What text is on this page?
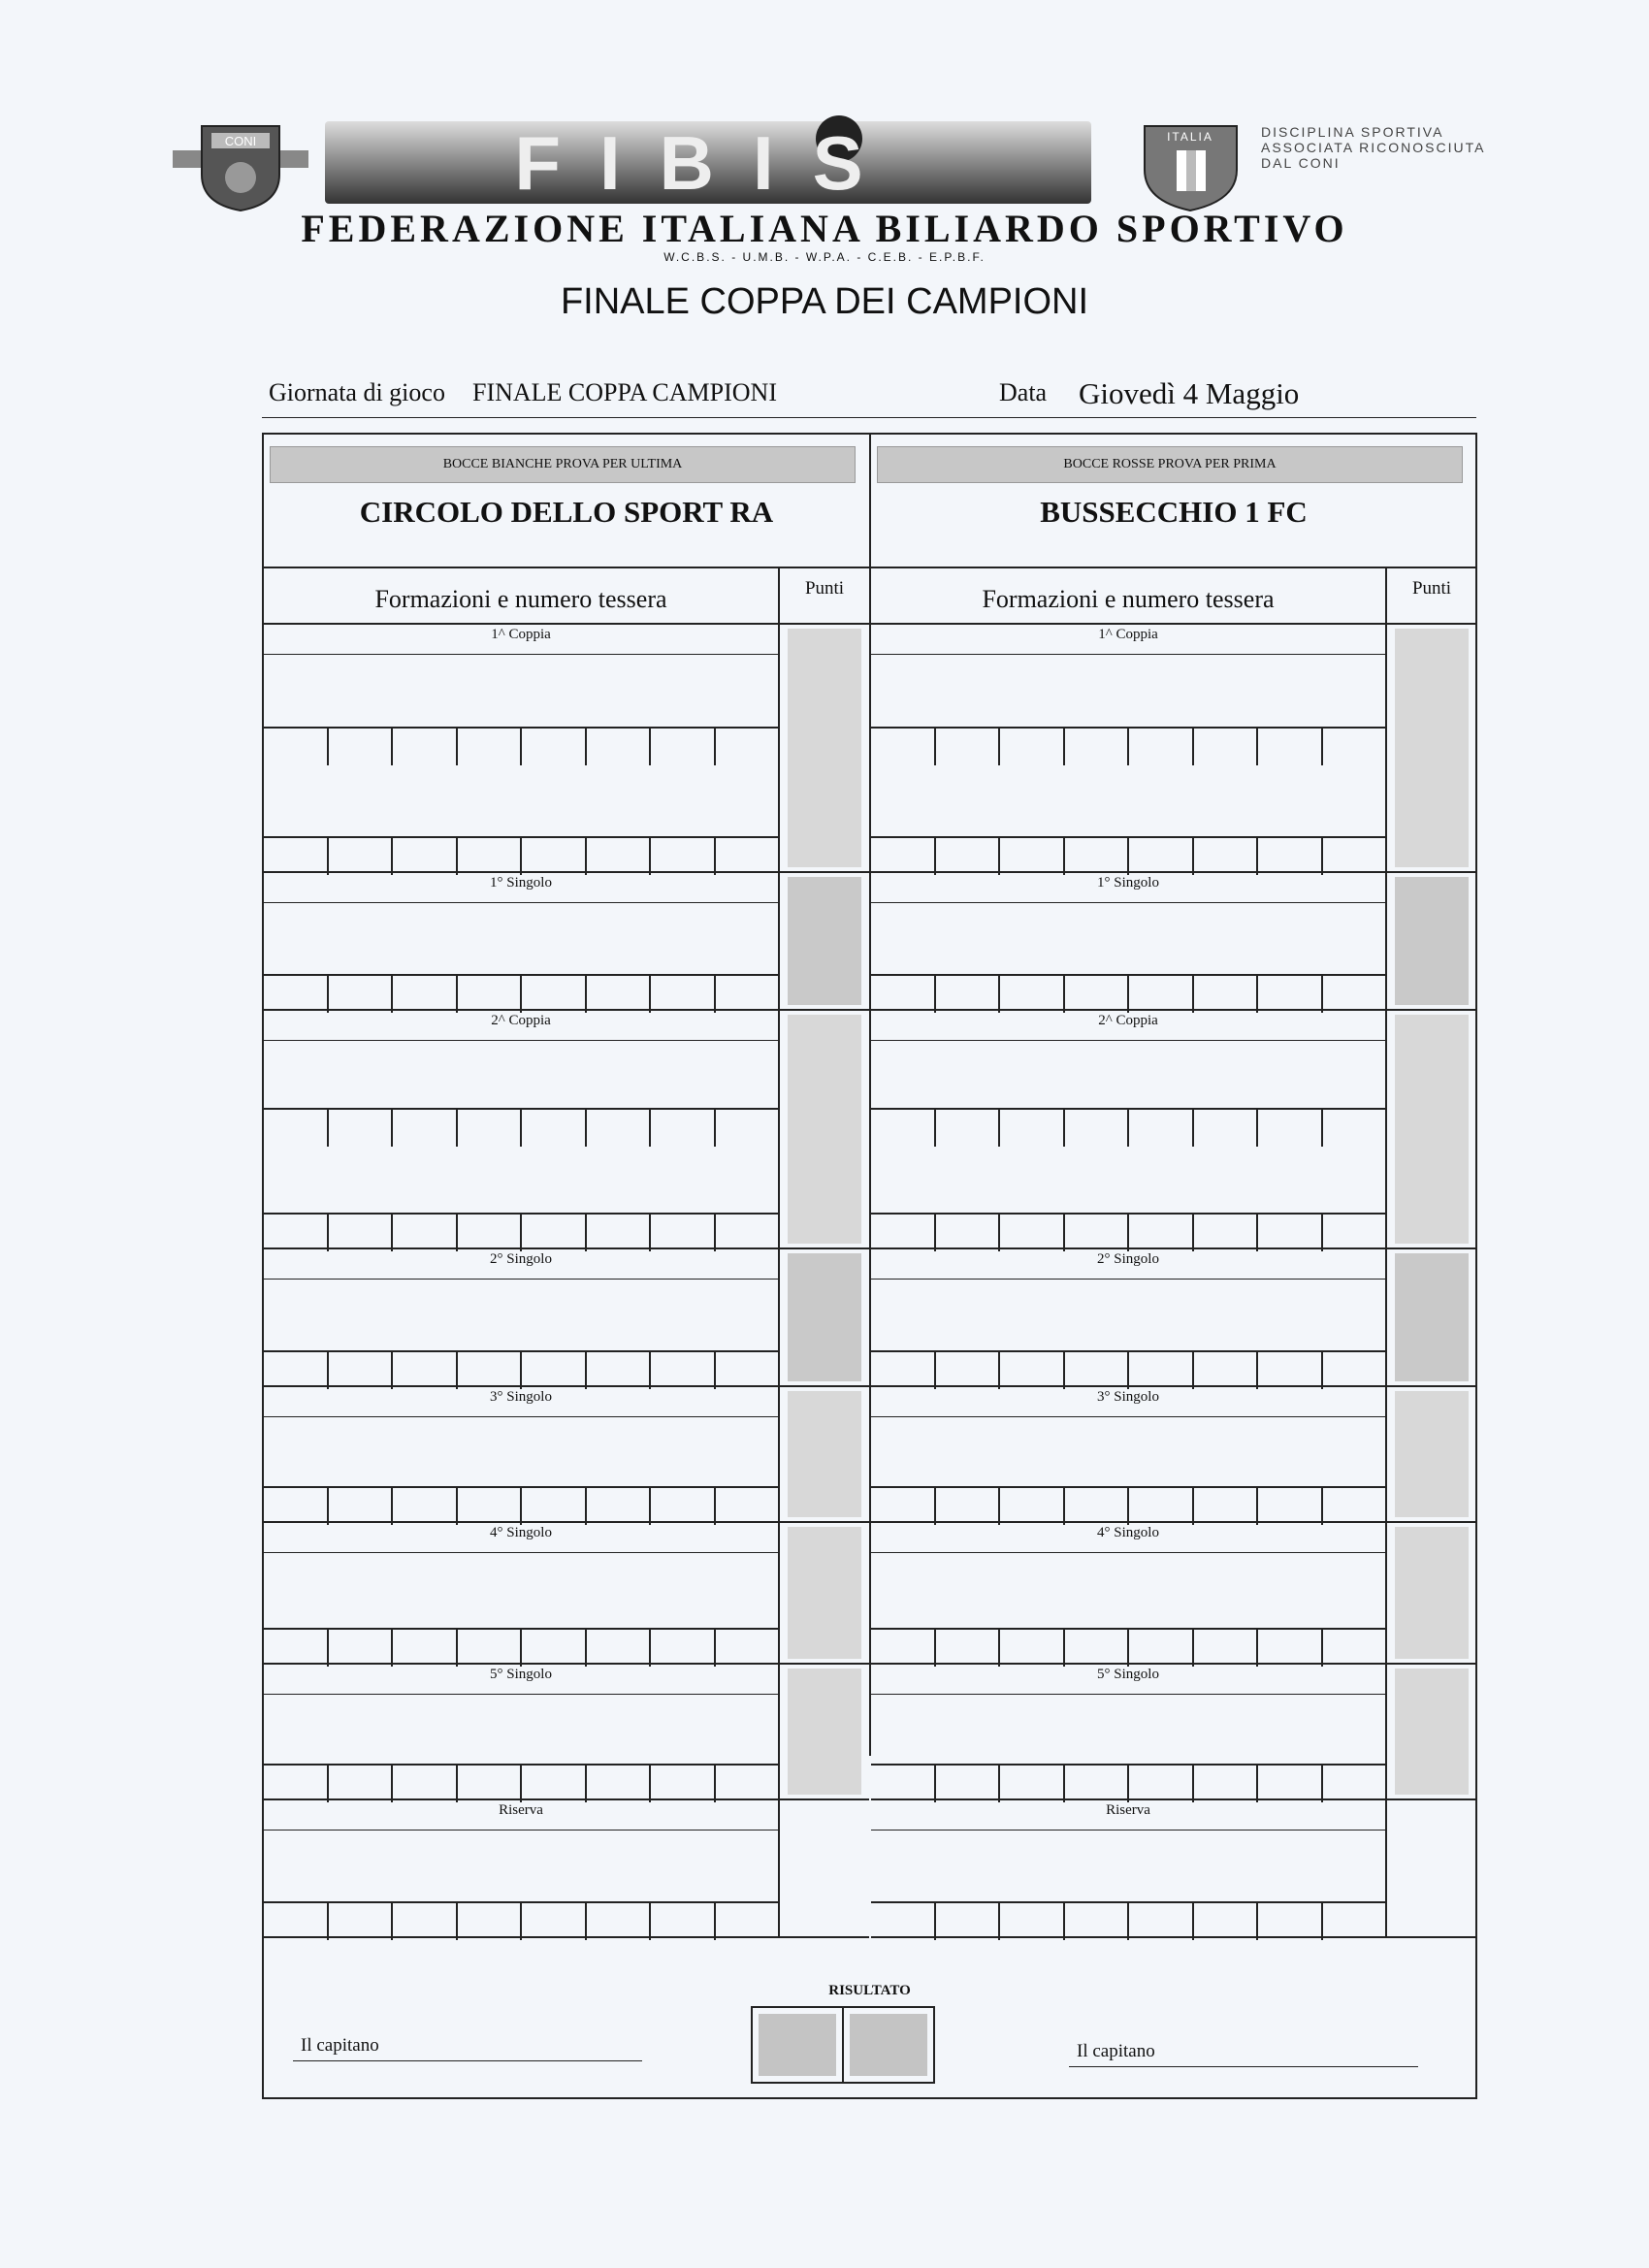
CONI	FIBIS	ITALIA	DISCIPLINA SPORTIVA
ASSOCIATA RICONOSCIUTA
DAL CONI
FEDERAZIONE ITALIANA BILIARDO SPORTIVO
W.C.B.S. - U.M.B. - W.P.A. - C.E.B. - E.P.B.F.
FINALE COPPA DEI CAMPIONI
Giornata di gioco FINALE COPPA CAMPIONI	Data Giovedì 4 Maggio
BOCCE BIANCHE PROVA PER ULTIMA
CIRCOLO DELLO SPORT RA
Formazioni e numero tessera	Punti
1^ Coppia
1° Singolo
2^ Coppia
2° Singolo
3° Singolo
4° Singolo
5° Singolo
Riserva
BOCCE ROSSE PROVA PER PRIMA
BUSSECCHIO 1 FC
Formazioni e numero tessera	Punti
1^ Coppia
1° Singolo
2^ Coppia
2° Singolo
3° Singolo
4° Singolo
5° Singolo
Riserva
Il capitano
RISULTATO
Il capitano
